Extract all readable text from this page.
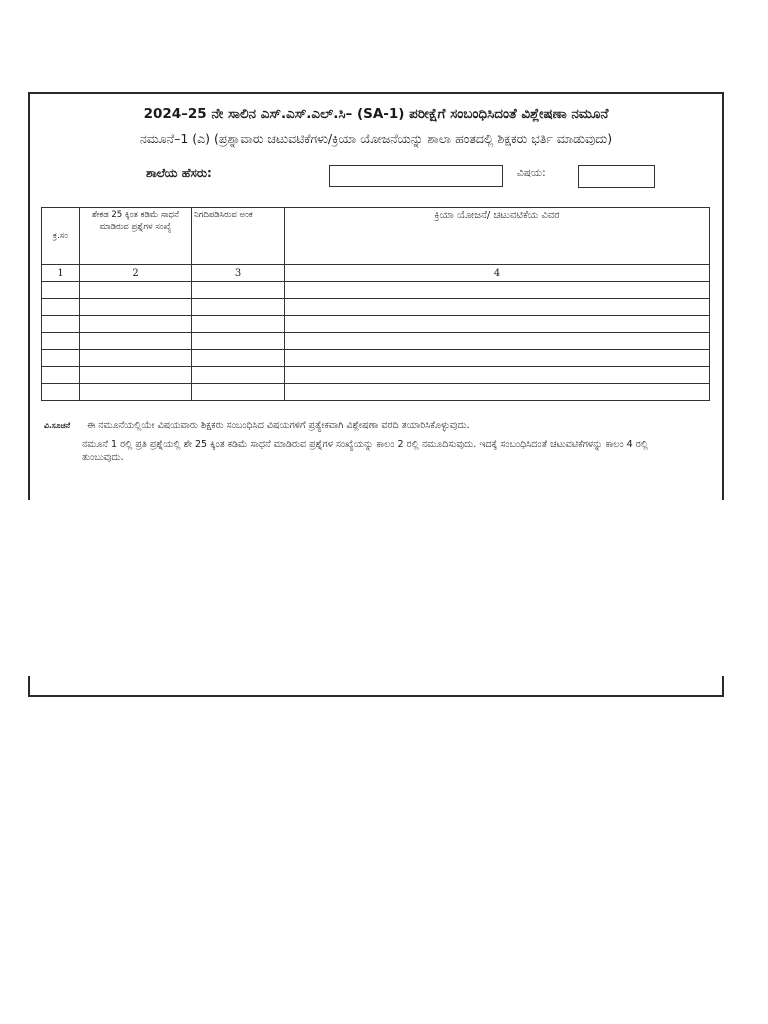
2024–25 ನೇ ಸಾಲಿನ ಎಸ್.ಎಸ್.ಎಲ್.ಸಿ– (SA-1) ಪರೀಕ್ಷೆಗೆ ಸಂಬಂಧಿಸಿದಂತೆ ವಿಶ್ಲೇಷಣಾ ನಮೂನೆ
ನಮೂನೆ–1 (ಎ) (ಪ್ರಶ್ನಾವಾರು ಚಟುವಟಿಕೆಗಳು/ಕ್ರಿಯಾ ಯೋಜನೆಯನ್ನು ಶಾಲಾ ಹಂತದಲ್ಲಿ ಶಿಕ್ಷಕರು ಭರ್ತಿ ಮಾಡುವುದು)
ಶಾಲೆಯ ಹೆಸರು:	ವಿಷಯ:
ಕ್ರ.ಸಂ	ಶೇಕಡ 25 ಕ್ಕಿಂತ ಕಡಿಮೆ ಸಾಧನೆ ಮಾಡಿರುವ ಪ್ರಶ್ನೆಗಳ ಸಂಖ್ಯೆ	ನಿಗದಿಪಡಿಸಿರುವ ಅಂಕ	ಕ್ರಿಯಾ ಯೋಜನೆ/ ಚಟುವಟಿಕೆಯ ವಿವರ
1	2	3	4

ವಿ.ಸೂಚನೆ ಈ ನಮೂನೆಯಲ್ಲಿಯೇ ವಿಷಯವಾರು ಶಿಕ್ಷಕರು ಸಂಬಂಧಿಸಿದ ವಿಷಯಗಳಿಗೆ ಪ್ರತ್ಯೇಕವಾಗಿ ವಿಶ್ಲೇಷಣಾ ವರದಿ ತಯಾರಿಸಿಕೊಳ್ಳುವುದು.
ನಮೂನೆ 1 ರಲ್ಲಿ ಪ್ರತಿ ಪ್ರಶ್ನೆಯಲ್ಲಿ ಶೇ 25 ಕ್ಕಿಂತ ಕಡಿಮೆ ಸಾಧನೆ ಮಾಡಿರುವ ಪ್ರಶ್ನೆಗಳ ಸಂಖ್ಯೆಯನ್ನು ಕಾಲಂ 2 ರಲ್ಲಿ ನಮೂದಿಸುವುದು. ಇದಕ್ಕೆ ಸಂಬಂಧಿಸಿದಂತೆ ಚಟುವಟಿಕೆಗಳನ್ನು ಕಾಲಂ 4 ರಲ್ಲಿ ತುಂಬುವುದು.
